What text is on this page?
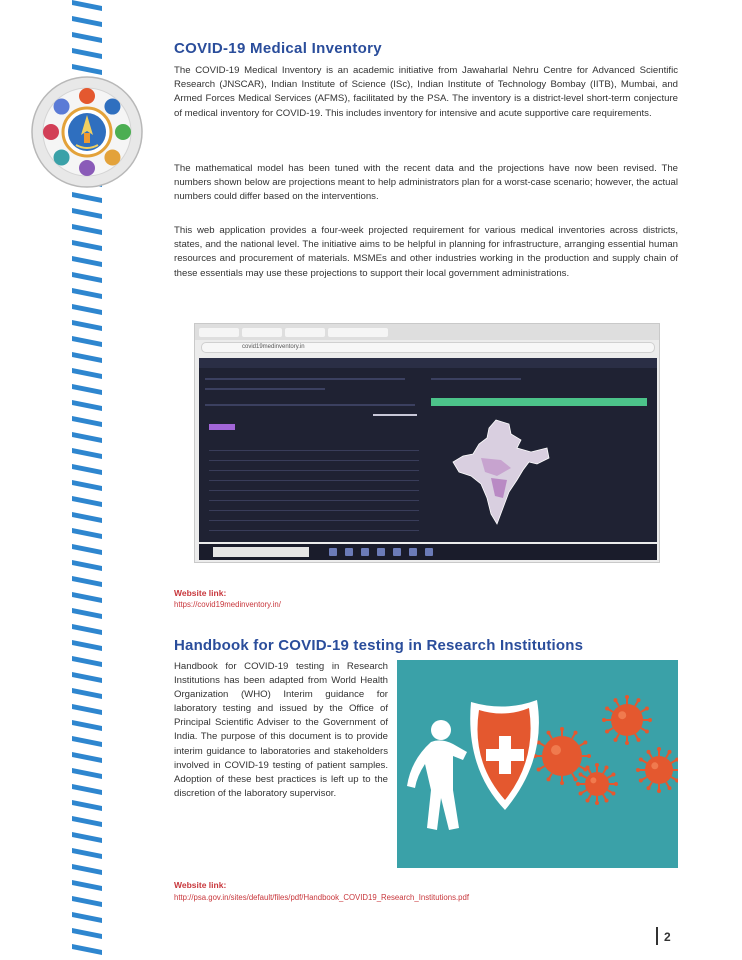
COVID-19 Medical Inventory

The COVID-19 Medical Inventory is an academic initiative from Jawaharlal Nehru Centre for Advanced Scientific Research (JNSCAR), Indian Institute of Science (ISc), Indian Institute of Technology Bombay (IITB), Mumbai, and Armed Forces Medical Services (AFMS), facilitated by the PSA. The inventory is a district-level short-term conjecture of medical inventory for COVID-19. This includes inventory for intensive and acute supportive care requirements.

The mathematical model has been tuned with the recent data and the projections have now been revised. The numbers shown below are projections meant to help administrators plan for a worst-case scenario; however, the actual numbers could differ based on the interventions.

This web application provides a four-week projected requirement for various medical inventories across districts, states, and the national level. The initiative aims to be helpful in planning for infrastructure, arranging essential human resources and procurement of materials. MSMEs and other industries working in the production and supply chain of these essentials may use these projections to support their local government administrations.

covid19medinventory.in
Website link:
https://covid19medinventory.in/
Handbook for COVID-19 testing in Research Institutions

Handbook for COVID-19 testing in Research Institutions has been adapted from World Health Organization (WHO) Interim guidance for laboratory testing and issued by the Office of Principal Scientific Adviser to the Government of India. The purpose of this document is to provide interim guidance to laboratories and stakeholders involved in COVID-19 testing of patient samples. Adoption of these best practices is left up to the discretion of the laboratory supervisor.

Website link:
http://psa.gov.in/sites/default/files/pdf/Handbook_COVID19_Research_Institutions.pdf
2
